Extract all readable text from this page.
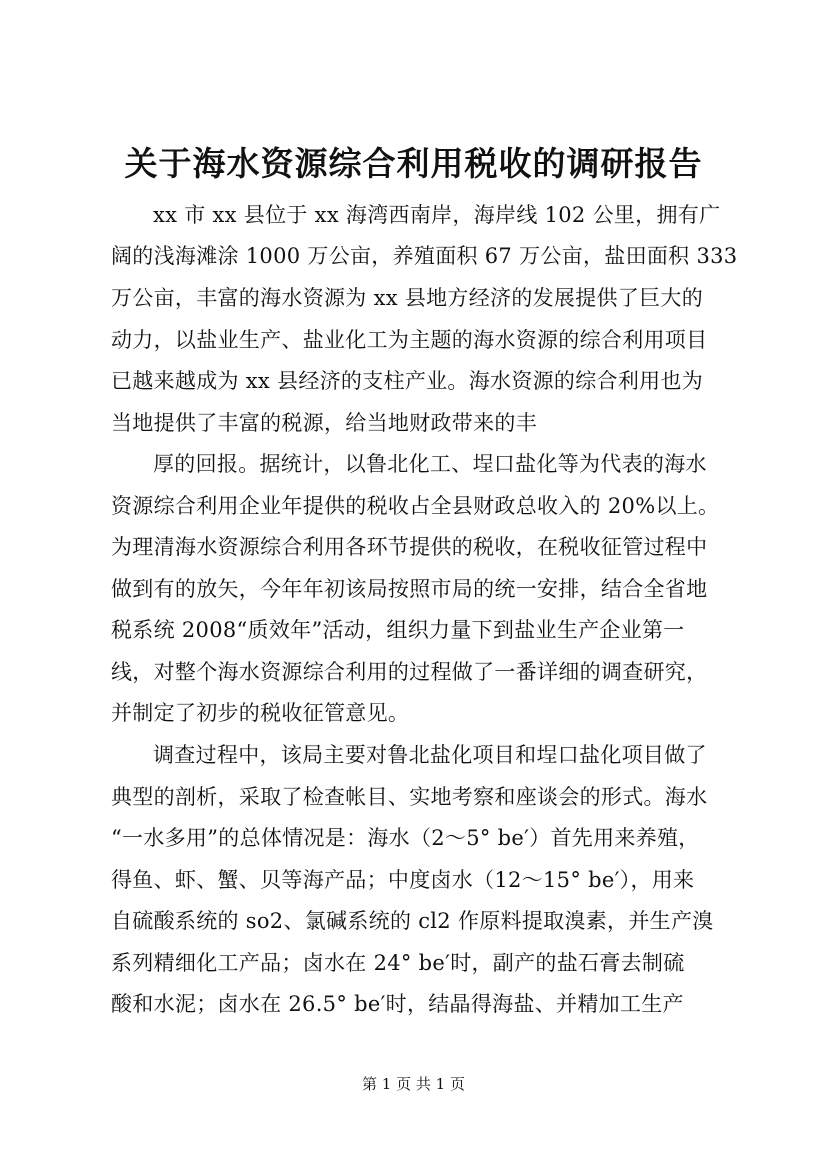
关于海水资源综合利用税收的调研报告

xx 市 xx 县位于 xx 海湾西南岸，海岸线 102 公里，拥有广

阔的浅海滩涂 1000 万公亩，养殖面积 67 万公亩，盐田面积 333

万公亩，丰富的海水资源为 xx 县地方经济的发展提供了巨大的

动力，以盐业生产、盐业化工为主题的海水资源的综合利用项目

已越来越成为 xx 县经济的支柱产业。海水资源的综合利用也为

当地提供了丰富的税源，给当地财政带来的丰

厚的回报。据统计，以鲁北化工、埕口盐化等为代表的海水

资源综合利用企业年提供的税收占全县财政总收入的 20%以上。

为理清海水资源综合利用各环节提供的税收，在税收征管过程中

做到有的放矢，今年年初该局按照市局的统一安排，结合全省地

税系统 2008“质效年”活动，组织力量下到盐业生产企业第一

线，对整个海水资源综合利用的过程做了一番详细的调查研究，

并制定了初步的税收征管意见。

调查过程中，该局主要对鲁北盐化项目和埕口盐化项目做了

典型的剖析，采取了检查帐目、实地考察和座谈会的形式。海水

“一水多用”的总体情况是：海水（2～5° be′）首先用来养殖，

得鱼、虾、蟹、贝等海产品；中度卤水（12～15° be′），用来

自硫酸系统的 so2、氯碱系统的 cl2 作原料提取溴素，并生产溴

系列精细化工产品；卤水在 24° be′时，副产的盐石膏去制硫

酸和水泥；卤水在 26.5° be′时，结晶得海盐、并精加工生产

第 1 页 共 1 页
